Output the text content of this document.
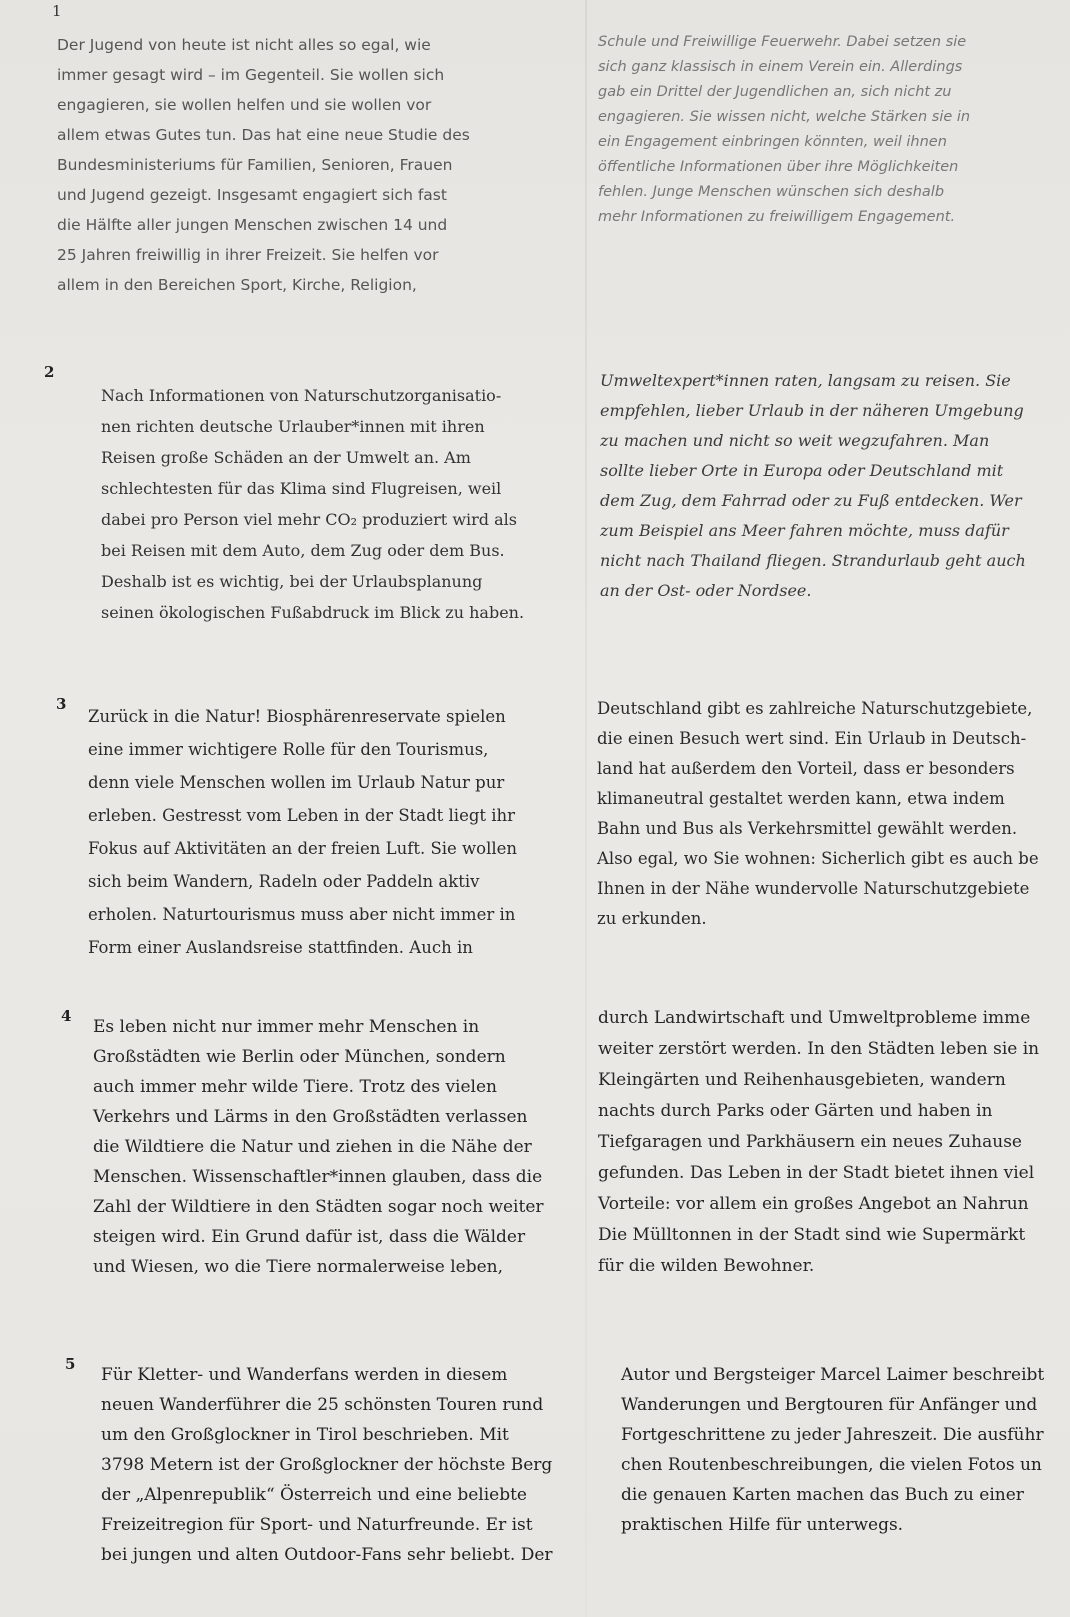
1
Der Jugend von heute ist nicht alles so egal, wie
immer gesagt wird – im Gegenteil. Sie wollen sich
engagieren, sie wollen helfen und sie wollen vor
allem etwas Gutes tun. Das hat eine neue Studie des
Bundesministeriums für Familien, Senioren, Frauen
und Jugend gezeigt. Insgesamt engagiert sich fast
die Hälfte aller jungen Menschen zwischen 14 und
25 Jahren freiwillig in ihrer Freizeit. Sie helfen vor
allem in den Bereichen Sport, Kirche, Religion,
Schule und Freiwillige Feuerwehr. Dabei setzen sie
sich ganz klassisch in einem Verein ein. Allerdings
gab ein Drittel der Jugendlichen an, sich nicht zu
engagieren. Sie wissen nicht, welche Stärken sie in
ein Engagement einbringen könnten, weil ihnen
öffentliche Informationen über ihre Möglichkeiten
fehlen. Junge Menschen wünschen sich deshalb
mehr Informationen zu freiwilligem Engagement.
2
Nach Informationen von Naturschutzorganisatio-
nen richten deutsche Urlauber*innen mit ihren
Reisen große Schäden an der Umwelt an. Am
schlechtesten für das Klima sind Flugreisen, weil
dabei pro Person viel mehr CO₂ produziert wird als
bei Reisen mit dem Auto, dem Zug oder dem Bus.
Deshalb ist es wichtig, bei der Urlaubsplanung
seinen ökologischen Fußabdruck im Blick zu haben.
Umweltexpert*innen raten, langsam zu reisen. Sie
empfehlen, lieber Urlaub in der näheren Umgebung
zu machen und nicht so weit wegzufahren. Man
sollte lieber Orte in Europa oder Deutschland mit
dem Zug, dem Fahrrad oder zu Fuß entdecken. Wer
zum Beispiel ans Meer fahren möchte, muss dafür
nicht nach Thailand fliegen. Strandurlaub geht auch
an der Ost- oder Nordsee.
3
Zurück in die Natur! Biosphärenreservate spielen
eine immer wichtigere Rolle für den Tourismus,
denn viele Menschen wollen im Urlaub Natur pur
erleben. Gestresst vom Leben in der Stadt liegt ihr
Fokus auf Aktivitäten an der freien Luft. Sie wollen
sich beim Wandern, Radeln oder Paddeln aktiv
erholen. Naturtourismus muss aber nicht immer in
Form einer Auslandsreise stattfinden. Auch in
Deutschland gibt es zahlreiche Naturschutzgebiete,
die einen Besuch wert sind. Ein Urlaub in Deutsch-
land hat außerdem den Vorteil, dass er besonders
klimaneutral gestaltet werden kann, etwa indem
Bahn und Bus als Verkehrsmittel gewählt werden.
Also egal, wo Sie wohnen: Sicherlich gibt es auch be
Ihnen in der Nähe wundervolle Naturschutzgebiete
zu erkunden.
4
Es leben nicht nur immer mehr Menschen in
Großstädten wie Berlin oder München, sondern
auch immer mehr wilde Tiere. Trotz des vielen
Verkehrs und Lärms in den Großstädten verlassen
die Wildtiere die Natur und ziehen in die Nähe der
Menschen. Wissenschaftler*innen glauben, dass die
Zahl der Wildtiere in den Städten sogar noch weiter
steigen wird. Ein Grund dafür ist, dass die Wälder
und Wiesen, wo die Tiere normalerweise leben,
durch Landwirtschaft und Umweltprobleme imme
weiter zerstört werden. In den Städten leben sie in
Kleingärten und Reihenhausgebieten, wandern
nachts durch Parks oder Gärten und haben in
Tiefgaragen und Parkhäusern ein neues Zuhause
gefunden. Das Leben in der Stadt bietet ihnen viel
Vorteile: vor allem ein großes Angebot an Nahrun
Die Mülltonnen in der Stadt sind wie Supermärkt
für die wilden Bewohner.
5
Für Kletter- und Wanderfans werden in diesem
neuen Wanderführer die 25 schönsten Touren rund
um den Großglockner in Tirol beschrieben. Mit
3798 Metern ist der Großglockner der höchste Berg
der „Alpenrepublik“ Österreich und eine beliebte
Freizeitregion für Sport- und Naturfreunde. Er ist
bei jungen und alten Outdoor-Fans sehr beliebt. Der
Autor und Bergsteiger Marcel Laimer beschreibt
Wanderungen und Bergtouren für Anfänger und
Fortgeschrittene zu jeder Jahreszeit. Die ausführ
chen Routenbeschreibungen, die vielen Fotos un
die genauen Karten machen das Buch zu einer
praktischen Hilfe für unterwegs.
